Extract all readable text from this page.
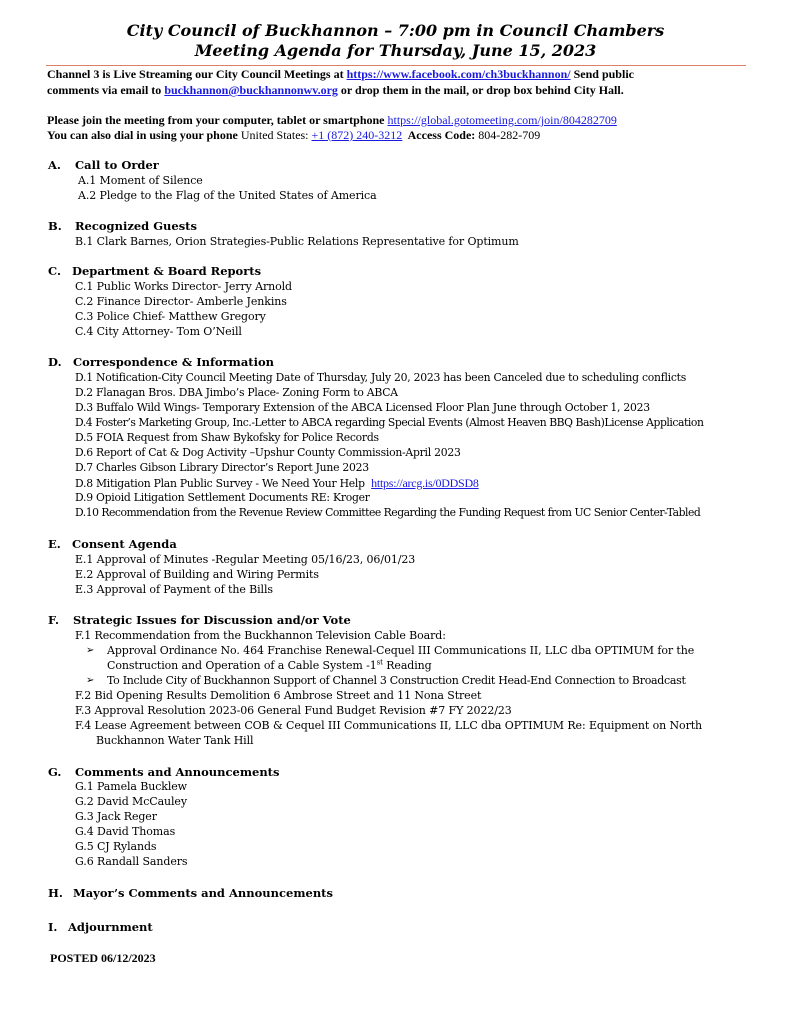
City Council of Buckhannon – 7:00 pm in Council Chambers
Meeting Agenda for Thursday, June 15, 2023
Channel 3 is Live Streaming our City Council Meetings at https://www.facebook.com/ch3buckhannon/ Send public
comments via email to buckhannon@buckhannonwv.org or drop them in the mail, or drop box behind City Hall.
Please join the meeting from your computer, tablet or smartphone https://global.gotomeeting.com/join/804282709
You can also dial in using your phone United States: +1 (872) 240-3212  Access Code: 804-282-709
A. Call to Order
A.1 Moment of Silence
A.2 Pledge to the Flag of the United States of America
B. Recognized Guests
B.1 Clark Barnes, Orion Strategies-Public Relations Representative for Optimum
C. Department & Board Reports
C.1 Public Works Director- Jerry Arnold
C.2 Finance Director- Amberle Jenkins
C.3 Police Chief- Matthew Gregory
C.4 City Attorney- Tom O’Neill
D. Correspondence & Information
D.1 Notification-City Council Meeting Date of Thursday, July 20, 2023 has been Canceled due to scheduling conflicts
D.2 Flanagan Bros. DBA Jimbo’s Place- Zoning Form to ABCA
D.3 Buffalo Wild Wings- Temporary Extension of the ABCA Licensed Floor Plan June through October 1, 2023
D.4 Foster’s Marketing Group, Inc.-Letter to ABCA regarding Special Events (Almost Heaven BBQ Bash)License Application
D.5 FOIA Request from Shaw Bykofsky for Police Records
D.6 Report of Cat & Dog Activity –Upshur County Commission-April 2023
D.7 Charles Gibson Library Director’s Report June 2023
D.8 Mitigation Plan Public Survey - We Need Your Help  https://arcg.is/0DDSD8
D.9 Opioid Litigation Settlement Documents RE: Kroger
D.10 Recommendation from the Revenue Review Committee Regarding the Funding Request from UC Senior Center-Tabled
E. Consent Agenda
E.1 Approval of Minutes -Regular Meeting 05/16/23, 06/01/23
E.2 Approval of Building and Wiring Permits
E.3 Approval of Payment of the Bills
F. Strategic Issues for Discussion and/or Vote
F.1 Recommendation from the Buckhannon Television Cable Board:
➢ Approval Ordinance No. 464 Franchise Renewal-Cequel III Communications II, LLC dba OPTIMUM for the
Construction and Operation of a Cable System -1st Reading
➢ To Include City of Buckhannon Support of Channel 3 Construction Credit Head-End Connection to Broadcast
F.2 Bid Opening Results Demolition 6 Ambrose Street and 11 Nona Street
F.3 Approval Resolution 2023-06 General Fund Budget Revision #7 FY 2022/23
F.4 Lease Agreement between COB & Cequel III Communications II, LLC dba OPTIMUM Re: Equipment on North
Buckhannon Water Tank Hill
G. Comments and Announcements
G.1 Pamela Bucklew
G.2 David McCauley
G.3 Jack Reger
G.4 David Thomas
G.5 CJ Rylands
G.6 Randall Sanders
H. Mayor’s Comments and Announcements
I. Adjournment
POSTED 06/12/2023
